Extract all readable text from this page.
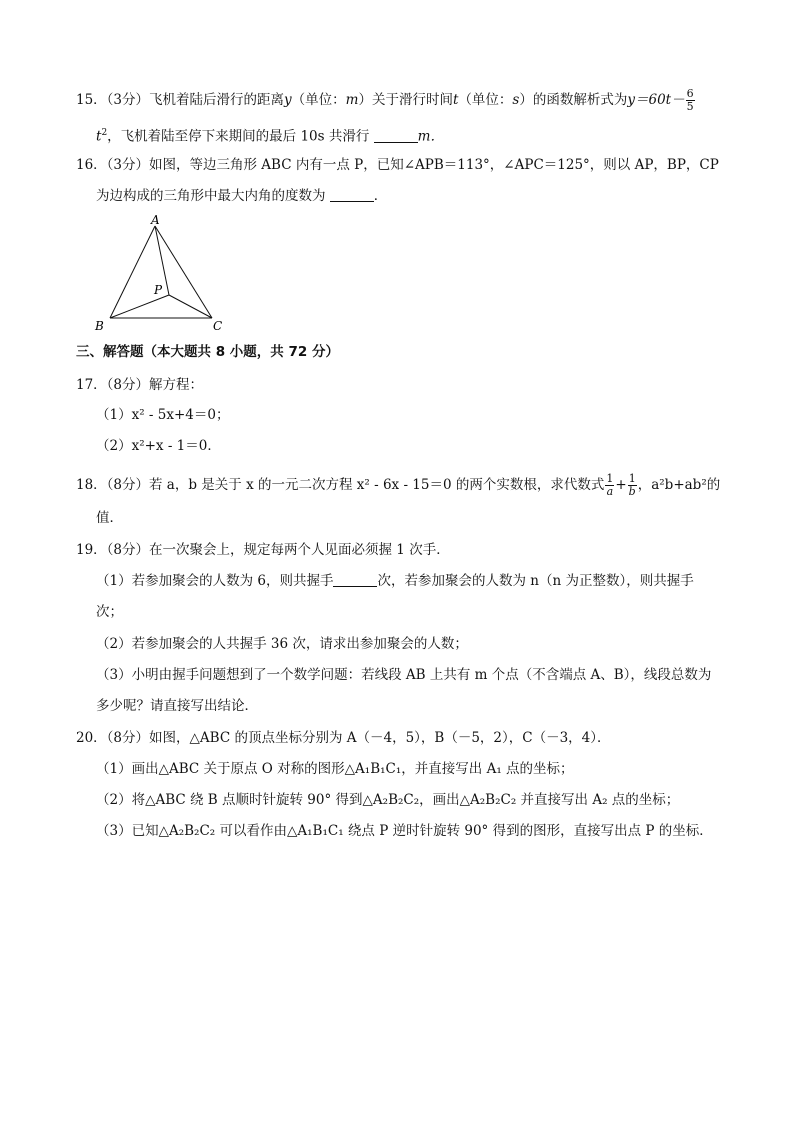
15．（3分）飞机着陆后滑行的距离y（单位：m）关于滑行时间t（单位：s）的函数解析式为$y=60t- \frac{6}{5}$
$t^2$，飞机着陆至停下来期间的最后 10s 共滑行	m．
16．（3分）如图，等边三角形 ABC 内有一点 P，已知∠APB＝113°，∠APC＝125°，则以 AP，BP，CP
为边构成的三角形中最大内角的度数为	．
A
B	C
P
三、解答题（本大题共 8 小题，共 72 分）
17．（8分）解方程：
（1）x² - 5x+4＝0；
（2）x²+x - 1＝0．
18．（8分）若 a，b 是关于 x 的一元二次方程 x² - 6x - 15＝0 的两个实数根，求代数式 $\frac{1}{a} + \frac{1}{b}$ ，a²b+ab²的
值．
19．（8分）在一次聚会上，规定每两个人见面必须握 1 次手．
（1）若参加聚会的人数为 6，则共握手	次，若参加聚会的人数为 n（n 为正整数），则共握手
次；
（2）若参加聚会的人共握手 36 次，请求出参加聚会的人数；
（3）小明由握手问题想到了一个数学问题：若线段 AB 上共有 m 个点（不含端点 A、B），线段总数为
多少呢？请直接写出结论．
20．（8分）如图，△ABC 的顶点坐标分别为 A（－4，5），B（－5，2），C（－3，4）．
（1）画出△ABC 关于原点 O 对称的图形△A₁B₁C₁，并直接写出 A₁ 点的坐标；
（2）将△ABC 绕 B 点顺时针旋转 90° 得到△A₂B₂C₂，画出△A₂B₂C₂ 并直接写出 A₂ 点的坐标；
（3）已知△A₂B₂C₂ 可以看作由△A₁B₁C₁ 绕点 P 逆时针旋转 90° 得到的图形，直接写出点 P 的坐标．
